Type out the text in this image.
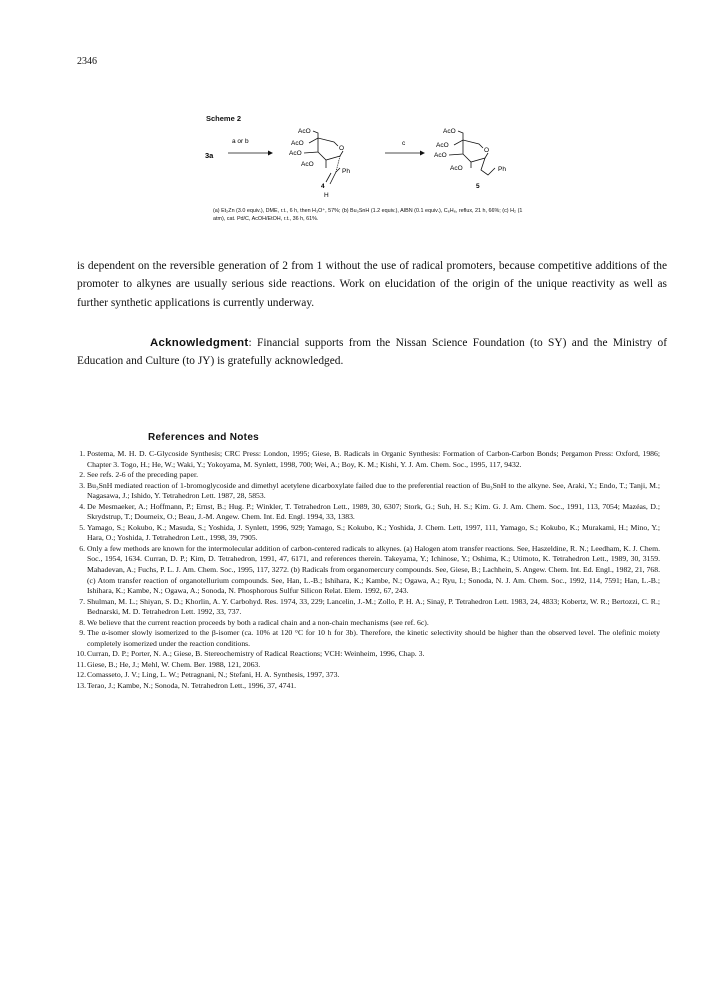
2346
Scheme 2
3a
a or b
AcO
AcO
AcO
AcO
O
Ph
H
4
c
AcO
AcO
AcO
AcO
O
Ph
5
(a) Et₂Zn (3.0 equiv.), DME, r.t., 6 h, then H₃O⁺, 57%; (b) Bu₃SnH (1.2 equiv.), AIBN (0.1 equiv.), C₆H₆, reflux, 21 h, 66%; (c) H₂ (1 atm), cat. Pd/C, AcOH/EtOH, r.t., 36 h, 61%.
is dependent on the reversible generation of 2 from 1 without the use of radical promoters, because competitive additions of the promoter to alkynes are usually serious side reactions. Work on elucidation of the origin of the unique reactivity as well as further synthetic applications is currently underway.
Acknowledgment: Financial supports from the Nissan Science Foundation (to SY) and the Ministry of Education and Culture (to JY) is gratefully acknowledged.
References and Notes
1. Postema, M. H. D. C-Glycoside Synthesis; CRC Press: London, 1995; Giese, B. Radicals in Organic Synthesis: Formation of Carbon-Carbon Bonds; Pergamon Press: Oxford, 1986; Chapter 3. Togo, H.; He, W.; Waki, Y.; Yokoyama, M. Synlett, 1998, 700; Wei, A.; Boy, K. M.; Kishi, Y. J. Am. Chem. Soc., 1995, 117, 9432.
2. See refs. 2-6 of the preceding paper.
3. Bu₃SnH mediated reaction of 1-bromoglycoside and dimethyl acetylene dicarboxylate failed due to the preferential reaction of Bu₃SnH to the alkyne. See, Araki, Y.; Endo, T.; Tanji, M.; Nagasawa, J.; Ishido, Y. Tetrahedron Lett. 1987, 28, 5853.
4. De Mesmaeker, A.; Hoffmann, P.; Ernst, B.; Hug. P.; Winkler, T. Tetrahedron Lett., 1989, 30, 6307; Stork, G.; Suh, H. S.; Kim. G. J. Am. Chem. Soc., 1991, 113, 7054; Mazéas, D.; Skrydstrup, T.; Doumeix, O.; Beau, J.-M. Angew. Chem. Int. Ed. Engl. 1994, 33, 1383.
5. Yamago, S.; Kokubo, K.; Masuda, S.; Yoshida, J. Synlett, 1996, 929; Yamago, S.; Kokubo, K.; Yoshida, J. Chem. Lett, 1997, 111, Yamago, S.; Kokubo, K.; Murakami, H.; Mino, Y.; Hara, O.; Yoshida, J. Tetrahedron Lett., 1998, 39, 7905.
6. Only a few methods are known for the intermolecular addition of carbon-centered radicals to alkynes. (a) Halogen atom transfer reactions. See, Haszeldine, R. N.; Leedham, K. J. Chem. Soc., 1954, 1634. Curran, D. P.; Kim, D. Tetrahedron, 1991, 47, 6171, and references therein. Takeyama, Y.; Ichinose, Y.; Oshima, K.; Utimoto, K. Tetrahedron Lett., 1989, 30, 3159. Mahadevan, A.; Fuchs, P. L. J. Am. Chem. Soc., 1995, 117, 3272. (b) Radicals from organomercury compounds. See, Giese, B.; Lachhein, S. Angew. Chem. Int. Ed. Engl., 1982, 21, 768. (c) Atom transfer reaction of organotellurium compounds. See, Han, L.-B.; Ishihara, K.; Kambe, N.; Ogawa, A.; Ryu, I.; Sonoda, N. J. Am. Chem. Soc., 1992, 114, 7591; Han, L.-B.; Ishihara, K.; Kambe, N.; Ogawa, A.; Sonoda, N. Phosphorous Sulfur Silicon Relat. Elem. 1992, 67, 243.
7. Shulman, M. L.; Shiyan, S. D.; Khorlin, A. Y. Carbohyd. Res. 1974, 33, 229; Lancelin, J.-M.; Zollo, P. H. A.; Sinaÿ, P. Tetrahedron Lett. 1983, 24, 4833; Kobertz, W. R.; Bertozzi, C. R.; Bednarski, M. D. Tetrahedron Lett. 1992, 33, 737.
8. We believe that the current reaction proceeds by both a radical chain and a non-chain mechanisms (see ref. 6c).
9. The α-isomer slowly isomerized to the β-isomer (ca. 10% at 120 °C for 10 h for 3b). Therefore, the kinetic selectivity should be higher than the observed level. The olefinic moiety completely isomerized under the reaction conditions.
10. Curran, D. P.; Porter, N. A.; Giese, B. Stereochemistry of Radical Reactions; VCH: Weinheim, 1996, Chap. 3.
11. Giese, B.; He, J.; Mehl, W. Chem. Ber. 1988, 121, 2063.
12. Comasseto, J. V.; Ling, L. W.; Petragnani, N.; Stefani, H. A. Synthesis, 1997, 373.
13. Terao, J.; Kambe, N.; Sonoda, N. Tetrahedron Lett., 1996, 37, 4741.
